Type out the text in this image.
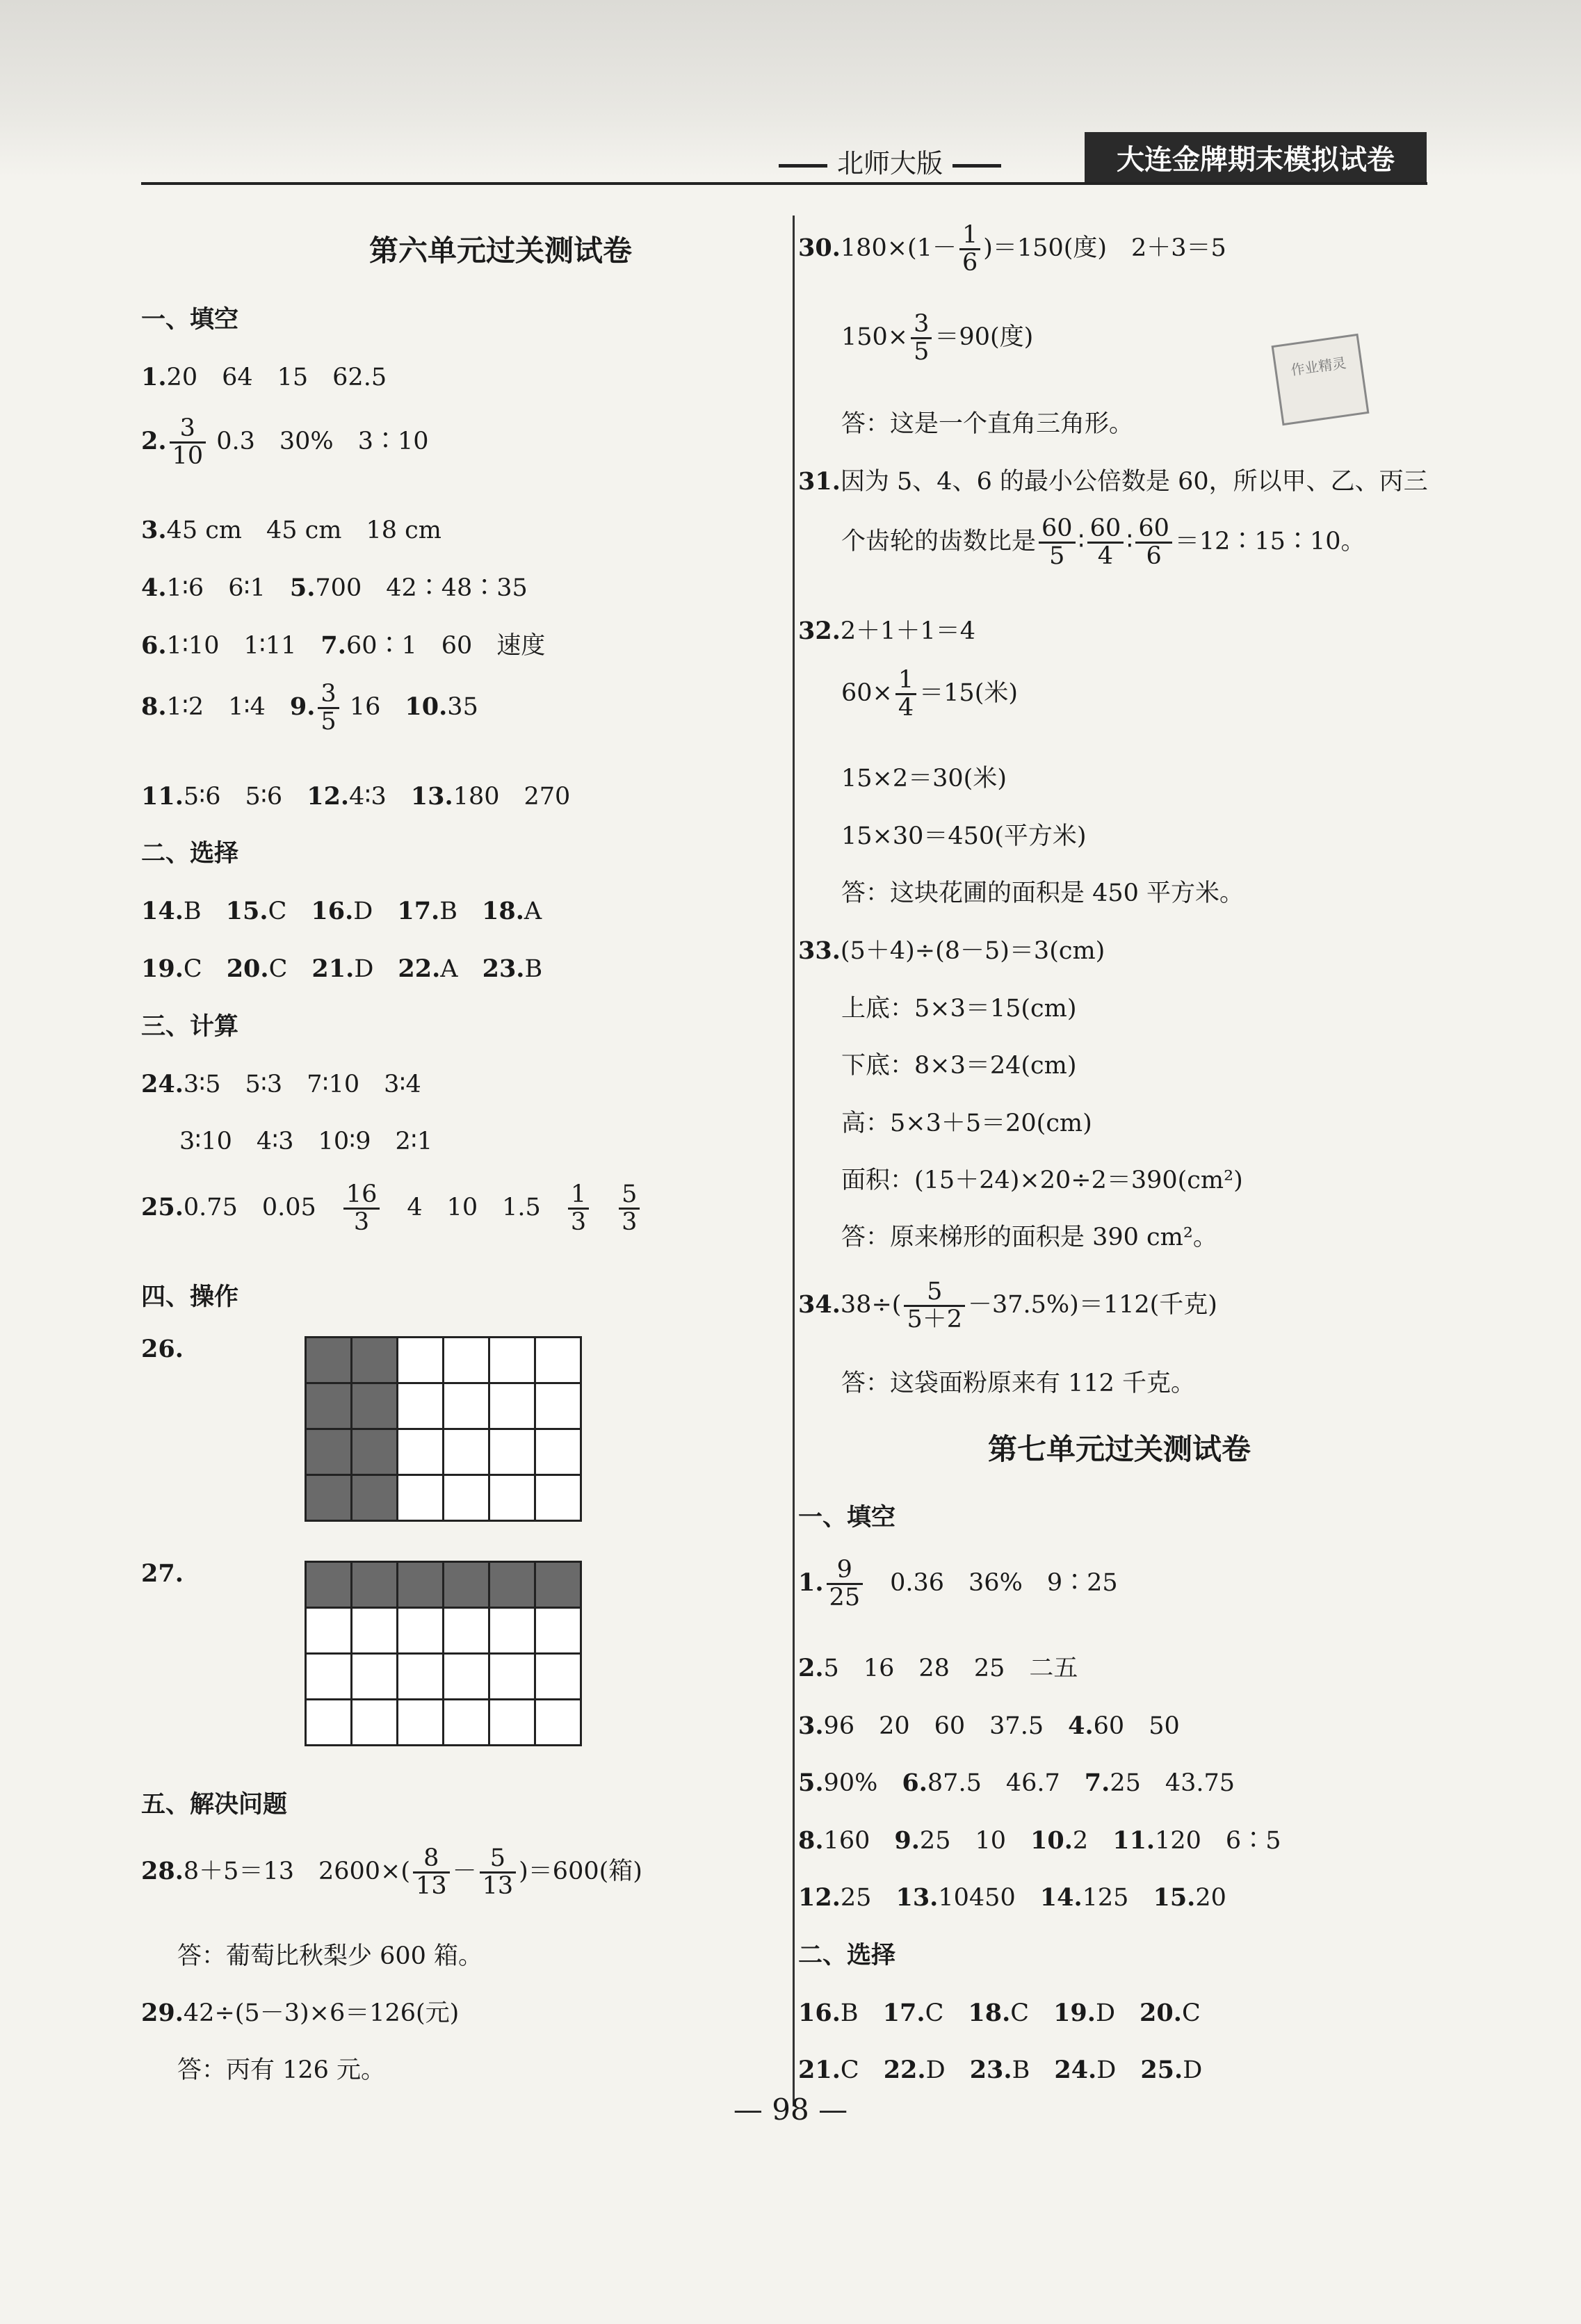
北师大版	大连金牌期末模拟试卷
第六单元过关测试卷
一、填空
1.20　64　15　62.5
2. $\frac{3}{10} 0.3$　30%　3∶10
3.45 cm　45 cm　18 cm
4.1∶6　6∶1　 5.700　42∶48∶35
6.1∶10　1∶11　 7.60∶1　60　速度
8.1∶2　1∶4　 9. $\frac{3}{5} 16$　 10.35
11.5∶6　5∶6　 12.4∶3　 13.180　270
二、选择
14.B　 15.C　 16.D　 17.B　 18.A
19.C　 20.C　 21.D　 22.A　 23.B
三、计算
24.3∶5　5∶3　7∶10　3∶4
3∶10　4∶3　10∶9　2∶1
25.0.75　0.05　 $\frac{16}{3}$
　 4　10　1.5　 $\frac{1}{3}$
　 $\frac{5}{3}$
四、操作
26.
27.
五、解决问题
28.8＋5＝13　$2600\times( \frac{8}{13} - \frac{5}{13} )=600$(箱)
答：葡萄比秋梨少 600 箱。
29.42÷(5－3)×6＝126(元)
答：丙有 126 元。
$30.180\times(1- \frac{1}{6} )=150$(度)　2＋3＝5
$150\times \frac{3}{5} =90$(度)
答：这是一个直角三角形。
31.因为 5、4、6 的最小公倍数是 60，所以甲、乙、丙三
个齿轮的齿数比是 $\frac{60}{5}$ ∶ $\frac{60}{4}$ ∶ $\frac{60}{6}$ ＝12∶15∶10。
32.2＋1＋1＝4
$60\times \frac{1}{4} =15$(米)
15×2＝30(米)
15×30＝450(平方米)
答：这块花圃的面积是 450 平方米。
33.(5＋4)÷(8－5)＝3(cm)
上底：5×3＝15(cm)
下底：8×3＝24(cm)
高：5×3＋5＝20(cm)
面积：(15＋24)×20÷2＝390(cm²)
答：原来梯形的面积是 390 cm²。
$34.38\div( \frac{5}{5+2} -37.5\%)=112$(千克)
答：这袋面粉原来有 112 千克。
第七单元过关测试卷
一、填空
1. $\frac{9}{25}$
　 0.36　36%　9∶25
2.5　16　28　25　二五
3.96　20　60　37.5　 4.60　50
5.90%　 6.87.5　46.7　 7.25　43.75
8.160　 9.25　10　 10.2　 11.120　6∶5
12.25　 13.10450　 14.125　 15.20
二、选择
16.B　 17.C　 18.C　 19.D　 20.C
21.C　 22.D　 23.B　 24.D　 25.D
作业精灵
— 98 —
